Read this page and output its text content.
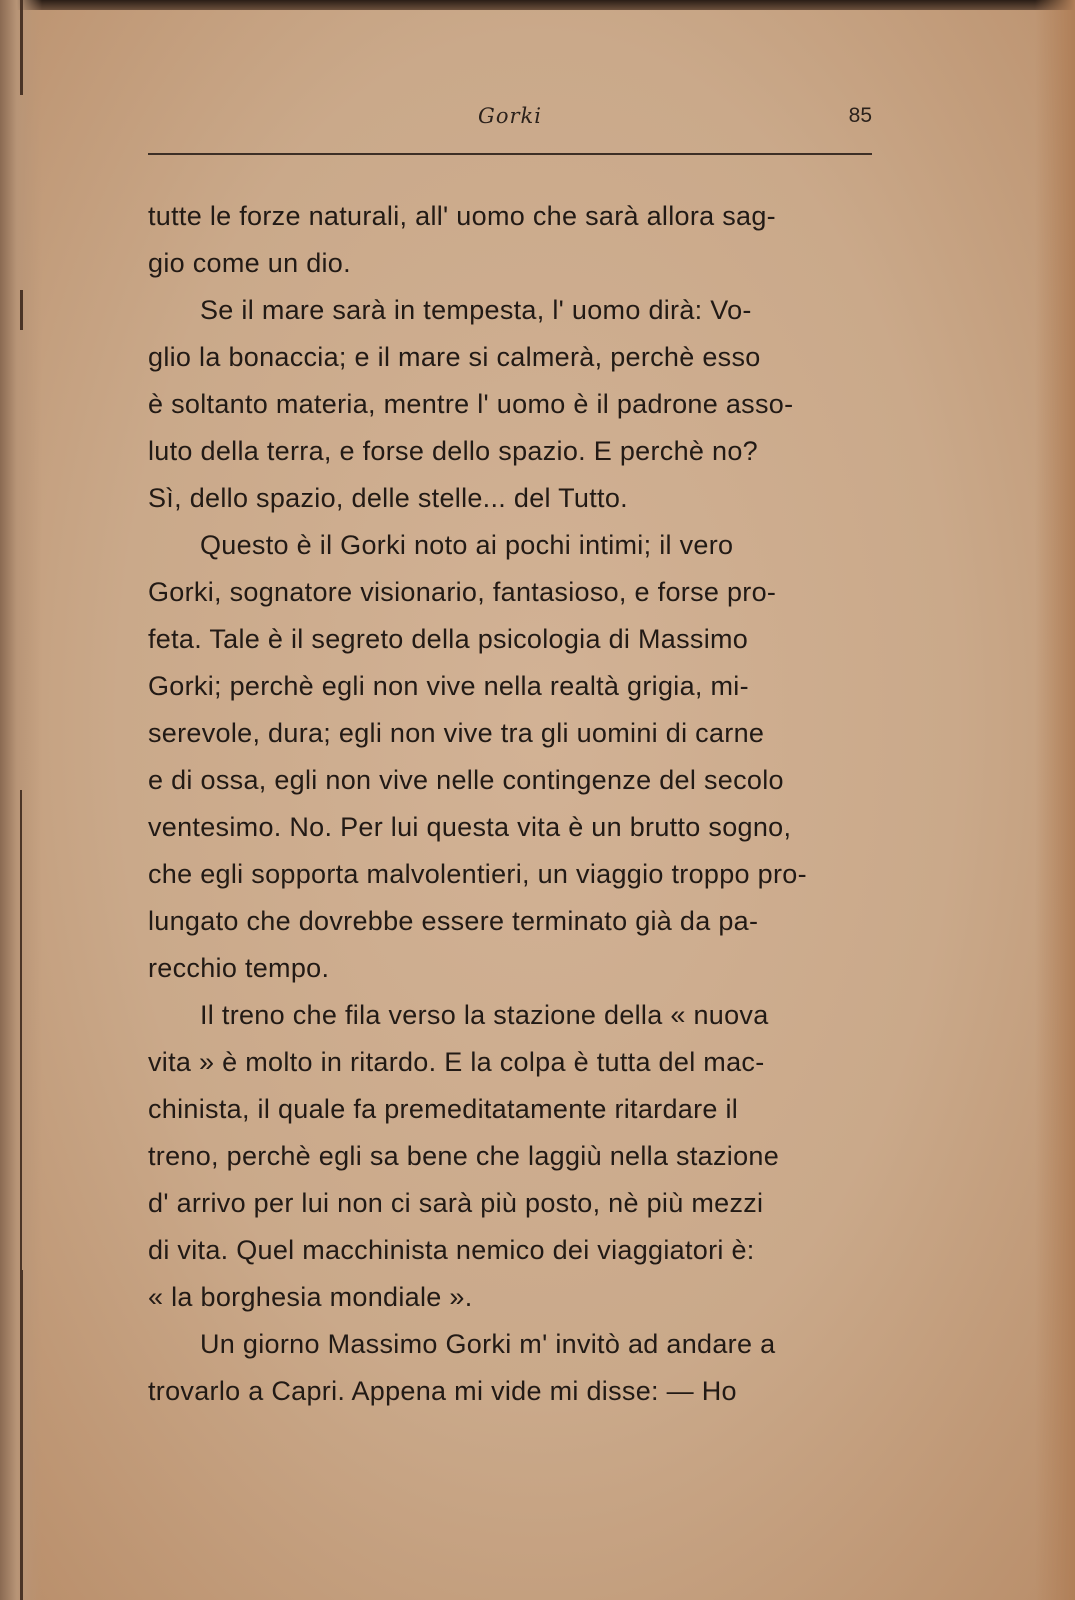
Gorki	85
tutte le forze naturali, all' uomo che sarà allora sag-
gio come un dio.
Se il mare sarà in tempesta, l' uomo dirà: Vo-
glio la bonaccia; e il mare si calmerà, perchè esso
è soltanto materia, mentre l' uomo è il padrone asso-
luto della terra, e forse dello spazio. E perchè no?
Sì, dello spazio, delle stelle... del Tutto.
Questo è il Gorki noto ai pochi intimi; il vero
Gorki, sognatore visionario, fantasioso, e forse pro-
feta. Tale è il segreto della psicologia di Massimo
Gorki; perchè egli non vive nella realtà grigia, mi-
serevole, dura; egli non vive tra gli uomini di carne
e di ossa, egli non vive nelle contingenze del secolo
ventesimo. No. Per lui questa vita è un brutto sogno,
che egli sopporta malvolentieri, un viaggio troppo pro-
lungato che dovrebbe essere terminato già da pa-
recchio tempo.
Il treno che fila verso la stazione della « nuova
vita » è molto in ritardo. E la colpa è tutta del mac-
chinista, il quale fa premeditatamente ritardare il
treno, perchè egli sa bene che laggiù nella stazione
d' arrivo per lui non ci sarà più posto, nè più mezzi
di vita. Quel macchinista nemico dei viaggiatori è:
« la borghesia mondiale ».
Un giorno Massimo Gorki m' invitò ad andare a
trovarlo a Capri. Appena mi vide mi disse: — Ho
